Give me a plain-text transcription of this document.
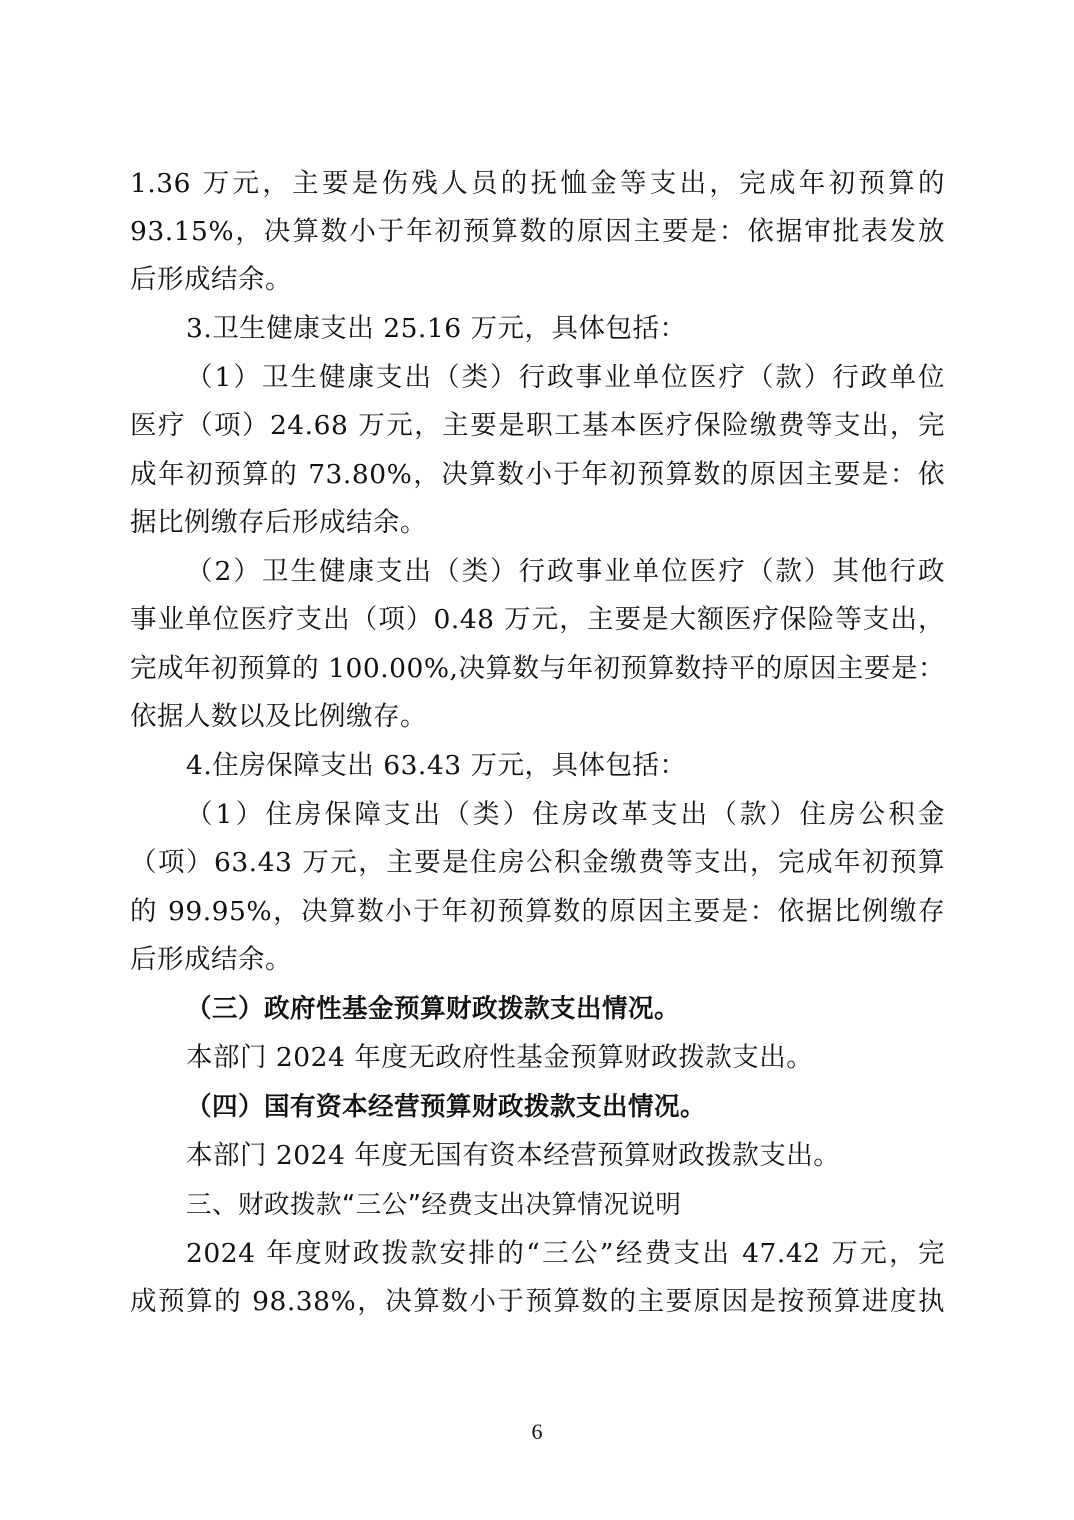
1.36 万元，主要是伤残人员的抚恤金等支出，完成年初预算的
93.15%，决算数小于年初预算数的原因主要是：依据审批表发放
后形成结余。
3.卫生健康支出 25.16 万元，具体包括：
（1）卫生健康支出（类）行政事业单位医疗（款）行政单位
医疗（项）24.68 万元，主要是职工基本医疗保险缴费等支出，完
成年初预算的 73.80%，决算数小于年初预算数的原因主要是：依
据比例缴存后形成结余。
（2）卫生健康支出（类）行政事业单位医疗（款）其他行政
事业单位医疗支出（项）0.48 万元，主要是大额医疗保险等支出，
完成年初预算的 100.00%,决算数与年初预算数持平的原因主要是：
依据人数以及比例缴存。
4.住房保障支出 63.43 万元，具体包括：
（1）住房保障支出（类）住房改革支出（款）住房公积金
（项）63.43 万元，主要是住房公积金缴费等支出，完成年初预算
的 99.95%，决算数小于年初预算数的原因主要是：依据比例缴存
后形成结余。
（三）政府性基金预算财政拨款支出情况。
本部门 2024 年度无政府性基金预算财政拨款支出。
（四）国有资本经营预算财政拨款支出情况。
本部门 2024 年度无国有资本经营预算财政拨款支出。
三、财政拨款“三公”经费支出决算情况说明
2024 年度财政拨款安排的“三公”经费支出 47.42 万元，完
成预算的 98.38%，决算数小于预算数的主要原因是按预算进度执
6
